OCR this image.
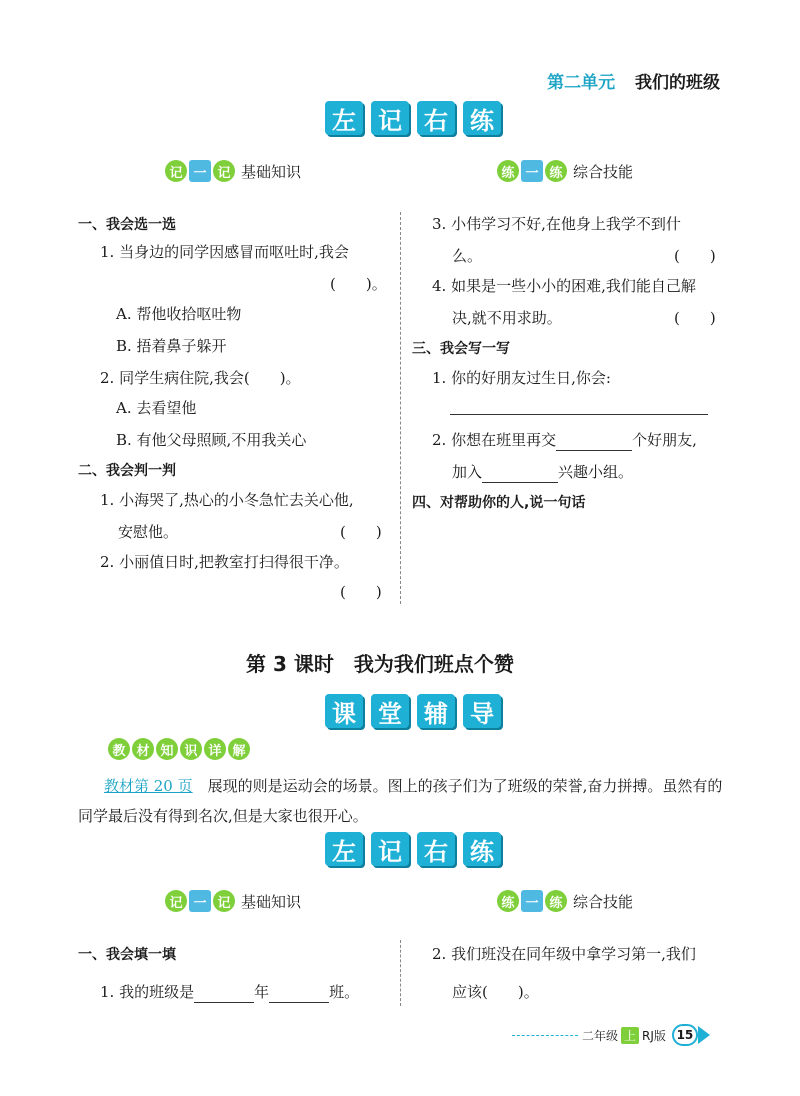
第二单元 我们的班级
左 记 右 练
记 一 记 基础知识	练 一 练 综合技能
一、我会选一选
1. 当身边的同学因感冒而呕吐时,我会
(　　)。
A. 帮他收拾呕吐物
B. 捂着鼻子躲开
2. 同学生病住院,我会(　　)。
A. 去看望他
B. 有他父母照顾,不用我关心
二、我会判一判
1. 小海哭了,热心的小冬急忙去关心他,
安慰他。	(　　)
2. 小丽值日时,把教室打扫得很干净。
(　　)
3. 小伟学习不好,在他身上我学不到什
么。	(　　)
4. 如果是一些小小的困难,我们能自己解
决,就不用求助。	(　　)
三、我会写一写
1. 你的好朋友过生日,你会:
2. 你想在班里再交	个好朋友,
加入	兴趣小组。
四、对帮助你的人,说一句话
第 3 课时　我为我们班点个赞
课 堂 辅 导
教 材 知 识 详 解
教材第 20 页　展现的则是运动会的场景。图上的孩子们为了班级的荣誉,奋力拼搏。虽然有的
同学最后没有得到名次,但是大家也很开心。
左 记 右 练
记 一 记 基础知识	练 一 练 综合技能
一、我会填一填
1. 我的班级是	年	班。
2. 我们班没在同年级中拿学习第一,我们
应该(　　)。
二年级 上 RJ版 15
